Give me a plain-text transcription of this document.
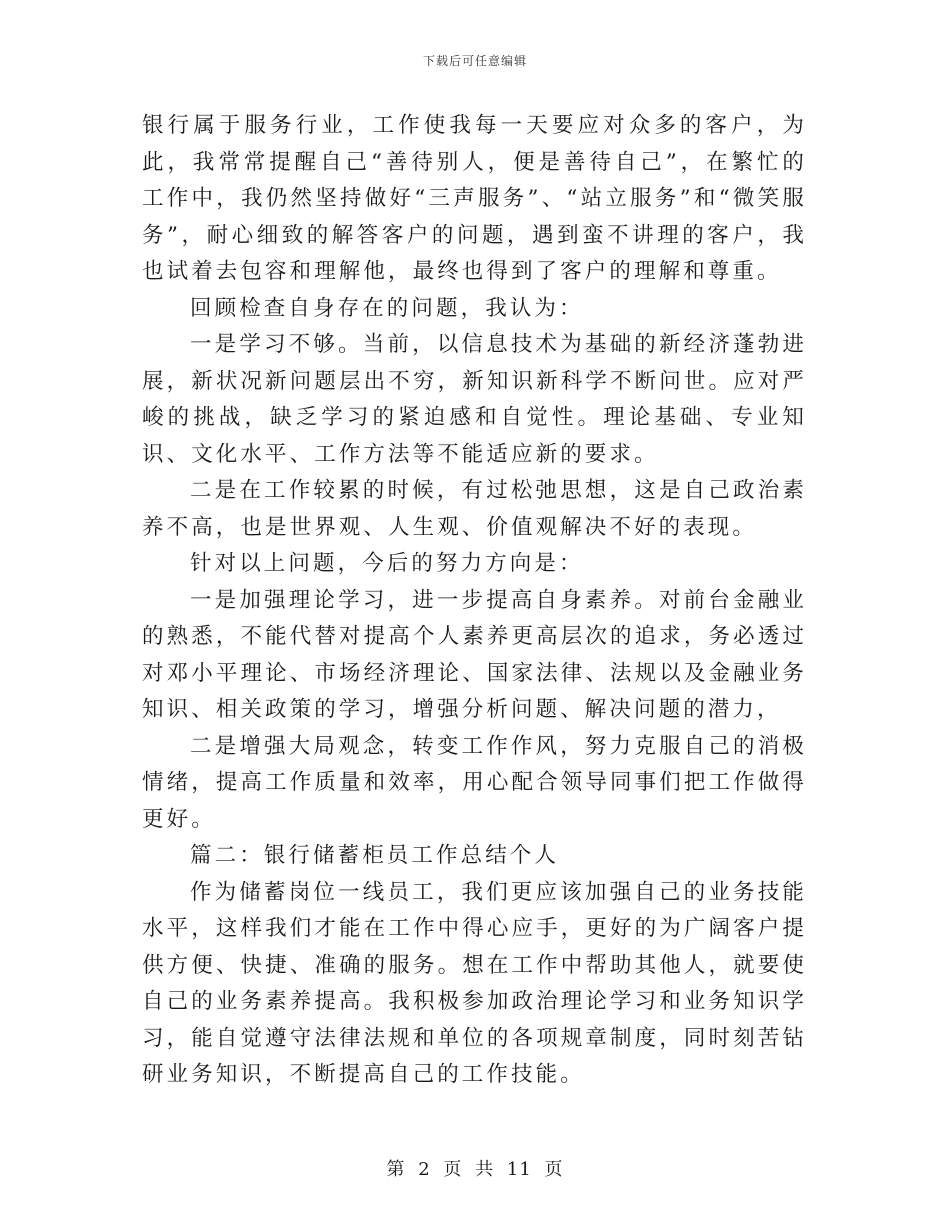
下载后可任意编辑

银行属于服务行业，工作使我每一天要应对众多的客户，为此，我常常提醒自己“善待别人，便是善待自己”，在繁忙的工作中，我仍然坚持做好“三声服务”、“站立服务”和“微笑服务”，耐心细致的解答客户的问题，遇到蛮不讲理的客户，我也试着去包容和理解他，最终也得到了客户的理解和尊重。

回顾检查自身存在的问题，我认为：

一是学习不够。当前，以信息技术为基础的新经济蓬勃进展，新状况新问题层出不穷，新知识新科学不断问世。应对严峻的挑战，缺乏学习的紧迫感和自觉性。理论基础、专业知识、文化水平、工作方法等不能适应新的要求。

二是在工作较累的时候，有过松弛思想，这是自己政治素养不高，也是世界观、人生观、价值观解决不好的表现。

针对以上问题，今后的努力方向是：

一是加强理论学习，进一步提高自身素养。对前台金融业的熟悉，不能代替对提高个人素养更高层次的追求，务必透过对邓小平理论、市场经济理论、国家法律、法规以及金融业务知识、相关政策的学习，增强分析问题、解决问题的潜力，

二是增强大局观念，转变工作作风，努力克服自己的消极情绪，提高工作质量和效率，用心配合领导同事们把工作做得更好。

篇二：银行储蓄柜员工作总结个人

作为储蓄岗位一线员工，我们更应该加强自己的业务技能水平，这样我们才能在工作中得心应手，更好的为广阔客户提供方便、快捷、准确的服务。想在工作中帮助其他人，就要使自己的业务素养提高。我积极参加政治理论学习和业务知识学习，能自觉遵守法律法规和单位的各项规章制度，同时刻苦钻研业务知识，不断提高自己的工作技能。

第 2 页 共 11 页
